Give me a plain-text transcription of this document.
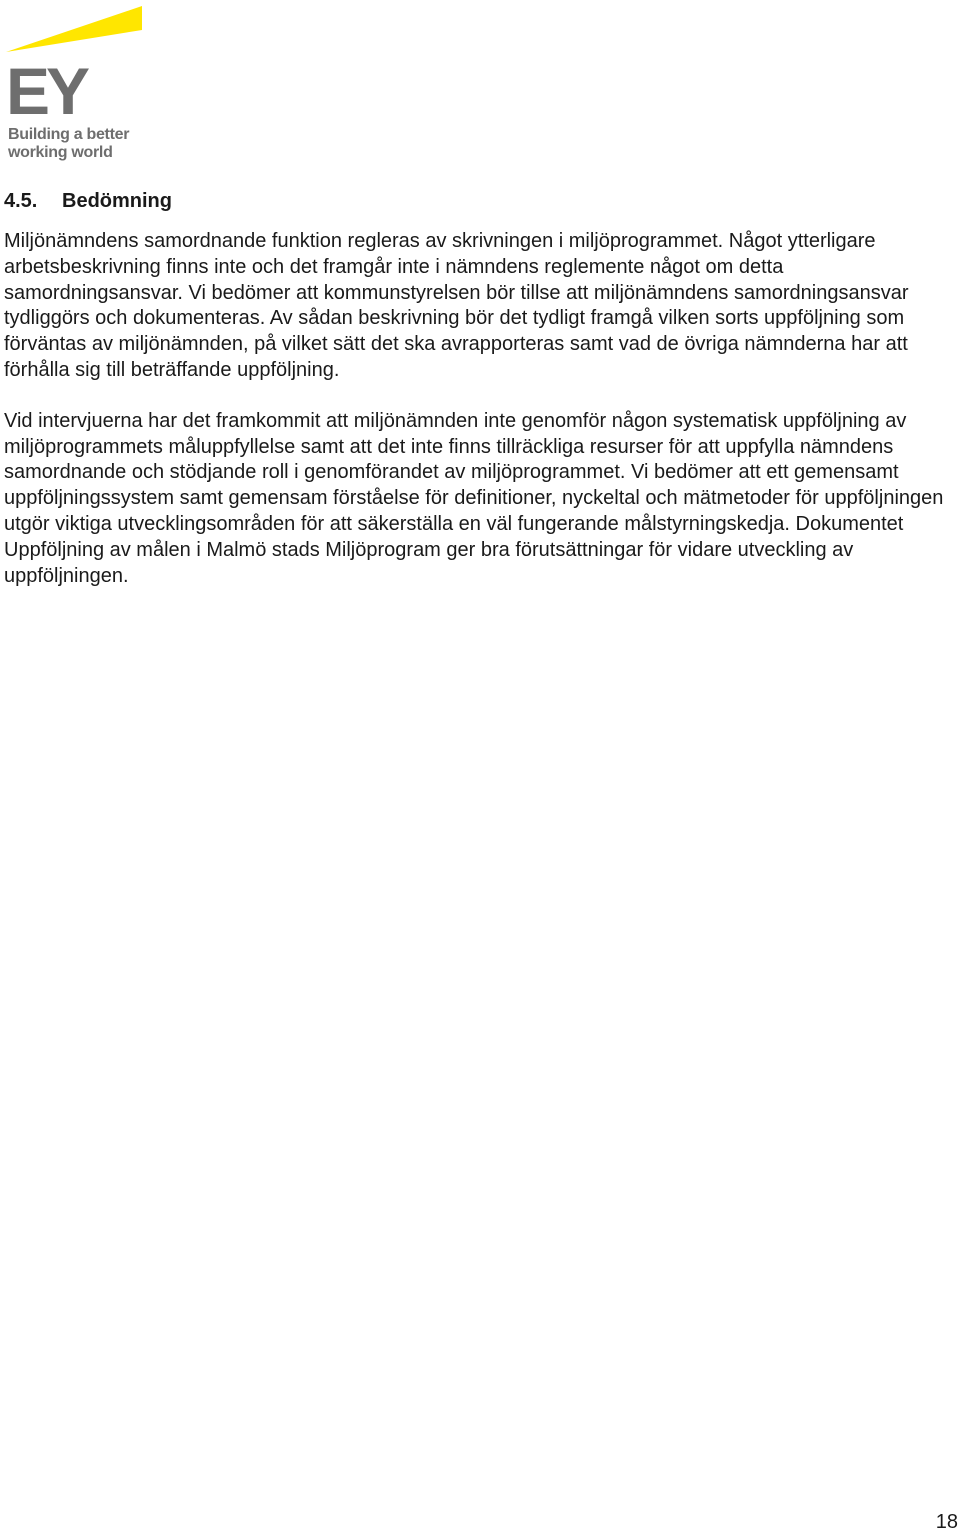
EY
Building a better
working world
4.5. Bedömning

Miljönämndens samordnande funktion regleras av skrivningen i miljöprogrammet. Något ytterligare arbetsbeskrivning finns inte och det framgår inte i nämndens reglemente något om detta samordningsansvar. Vi bedömer att kommunstyrelsen bör tillse att miljönämndens samordningsansvar tydliggörs och dokumenteras. Av sådan beskrivning bör det tydligt framgå vilken sorts uppföljning som förväntas av miljönämnden, på vilket sätt det ska avrapporteras samt vad de övriga nämnderna har att förhålla sig till beträffande uppföljning.

Vid intervjuerna har det framkommit att miljönämnden inte genomför någon systematisk uppföljning av miljöprogrammets måluppfyllelse samt att det inte finns tillräckliga resurser för att uppfylla nämndens samordnande och stödjande roll i genomförandet av miljöprogrammet. Vi bedömer att ett gemensamt uppföljningssystem samt gemensam förståelse för definitioner, nyckeltal och mätmetoder för uppföljningen utgör viktiga utvecklingsområden för att säkerställa en väl fungerande målstyrningskedja. Dokumentet Uppföljning av målen i Malmö stads Miljöprogram ger bra förutsättningar för vidare utveckling av uppföljningen.

18
